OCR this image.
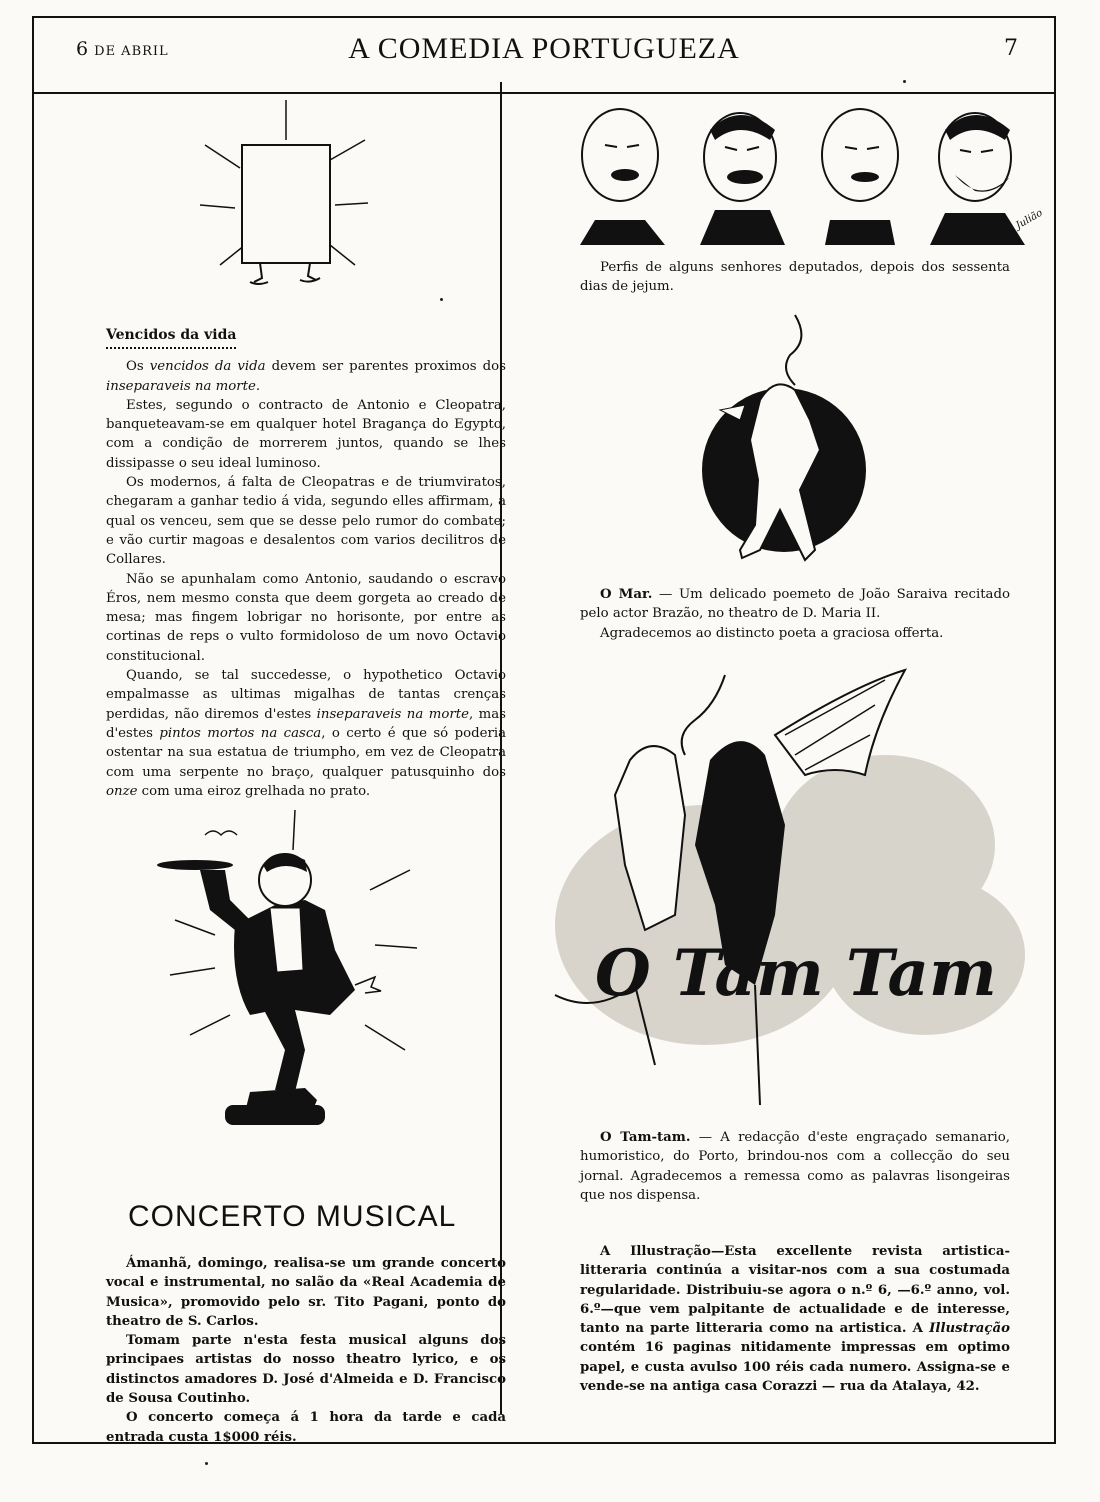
6 DE ABRIL	A COMEDIA PORTUGUEZA	7
Vencidos da vida

Os vencidos da vida devem ser parentes proximos dos inseparaveis na morte.

Estes, segundo o contracto de Antonio e Cleopatra, banqueteavam-se em qualquer hotel Bragança do Egypto, com a condição de morrerem juntos, quando se lhes dissipasse o seu ideal luminoso.

Os modernos, á falta de Cleopatras e de triumviratos, chegaram a ganhar tedio á vida, segundo elles affirmam, a qual os venceu, sem que se desse pelo rumor do combate; e vão curtir magoas e desalentos com varios decilitros de Collares.

Não se apunhalam como Antonio, saudando o escravo Éros, nem mesmo consta que deem gorgeta ao creado de mesa; mas fingem lobrigar no horisonte, por entre as cortinas de reps o vulto formidoloso de um novo Octavio constitucional.

Quando, se tal succedesse, o hypothetico Octavio empalmasse as ultimas migalhas de tantas crenças perdidas, não diremos d'estes inseparaveis na morte, mas d'estes pintos mortos na casca, o certo é que só poderia ostentar na sua estatua de triumpho, em vez de Cleopatra com uma serpente no braço, qualquer patusquinho dos onze com uma eiroz grelhada no prato.

CONCERTO MUSICAL

Ámanhã, domingo, realisa-se um grande concerto vocal e instrumental, no salão da «Real Academia de Musica», promovido pelo sr. Tito Pagani, ponto do theatro de S. Carlos.

Tomam parte n'esta festa musical alguns dos principaes artistas do nosso theatro lyrico, e os distinctos amadores D. José d'Almeida e D. Francisco de Sousa Coutinho.

O concerto começa á 1 hora da tarde e cada entrada custa 1$000 réis.

Julião

Perfis de alguns senhores deputados, depois dos sessenta dias de jejum.

O Mar. — Um delicado poemeto de João Saraiva recitado pelo actor Brazão, no theatro de D. Maria II.

Agradecemos ao distincto poeta a graciosa offerta.

O Tam Tam

O Tam-tam. — A redacção d'este engraçado semanario, humoristico, do Porto, brindou-nos com a collecção do seu jornal. Agradecemos a remessa como as palavras lisongeiras que nos dispensa.

A Illustração—Esta excellente revista artistica-litteraria continúa a visitar-nos com a sua costumada regularidade. Distribuiu-se agora o n.º 6, —6.º anno, vol. 6.º—que vem palpitante de actualidade e de interesse, tanto na parte litteraria como na artistica. A Illustração contém 16 paginas nitidamente impressas em optimo papel, e custa avulso 100 réis cada numero. Assigna-se e vende-se na antiga casa Corazzi — rua da Atalaya, 42.
